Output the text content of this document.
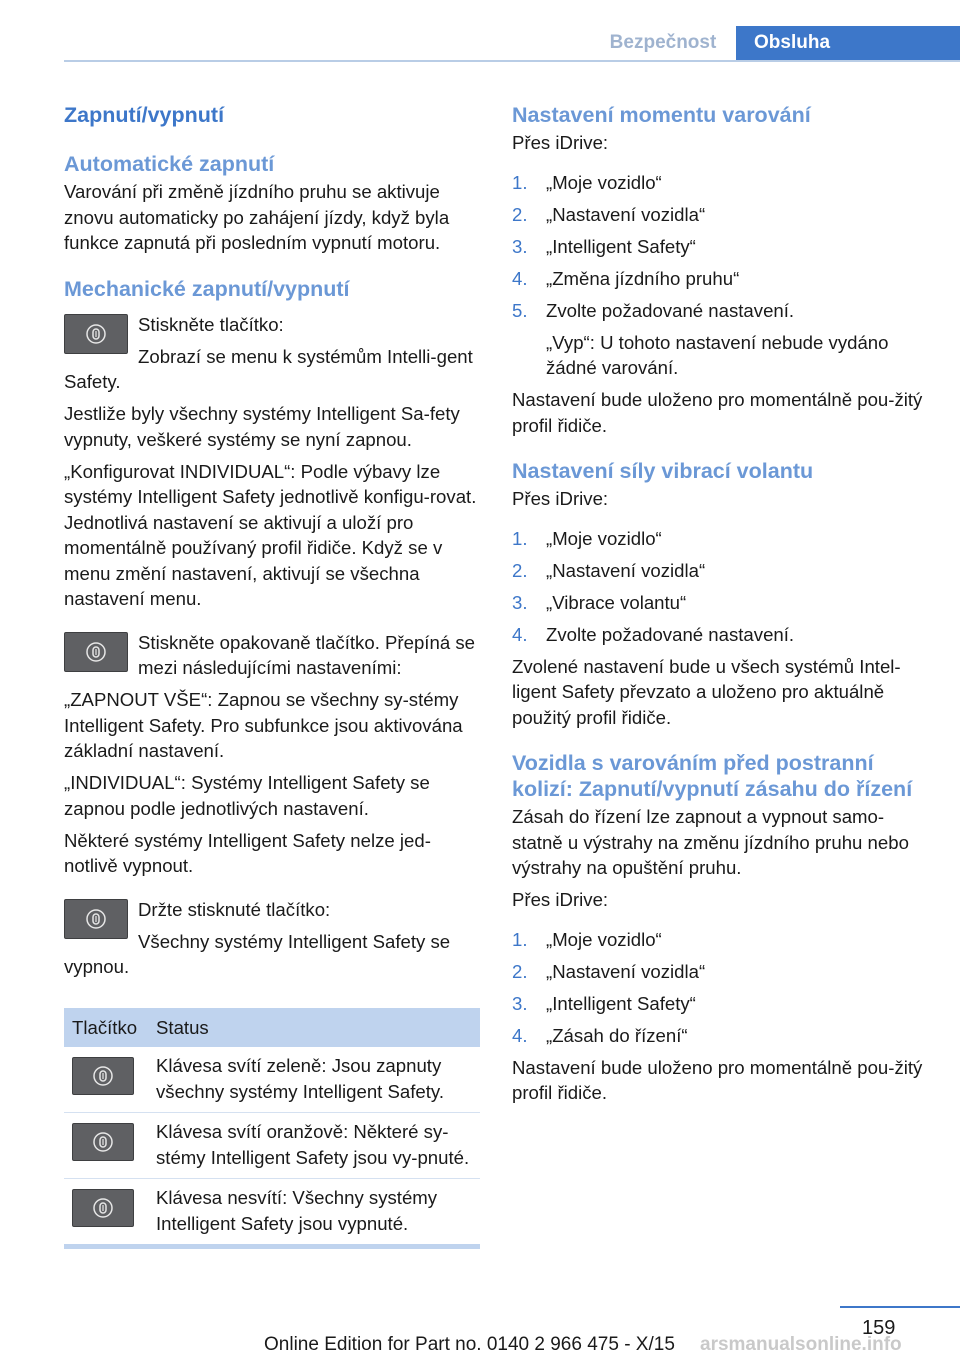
Bezpečnost	Obsluha
Zapnutí/vypnutí
Automatické zapnutí

Varování při změně jízdního pruhu se aktivuje znovu automaticky po zahájení jízdy, když byla funkce zapnutá při posledním vypnutí motoru.

Mechanické zapnutí/vypnutí

Stiskněte tlačítko:

Zobrazí se menu k systémům Intelli‐gent Safety.

Jestliže byly všechny systémy Intelligent Sa‐fety vypnuty, veškeré systémy se nyní zapnou.

„Konfigurovat INDIVIDUAL“: Podle výbavy lze systémy Intelligent Safety jednotlivě konfigu‐rovat. Jednotlivá nastavení se aktivují a uloží pro momentálně používaný profil řidiče. Když se v menu změní nastavení, aktivují se všechna nastavení menu.

Stiskněte opakovaně tlačítko. Přepíná se mezi následujícími nastaveními:

„ZAPNOUT VŠE“: Zapnou se všechny sy‐stémy Intelligent Safety. Pro subfunkce jsou aktivována základní nastavení.

„INDIVIDUAL“: Systémy Intelligent Safety se zapnou podle jednotlivých nastavení.

Některé systémy Intelligent Safety nelze jed‐notlivě vypnout.

Držte stisknuté tlačítko:

Všechny systémy Intelligent Safety se vypnou.

Tlačítko	Status

	Klávesa svítí zeleně: Jsou zapnuty všechny systémy Intelligent Safety.

	Klávesa svítí oranžově: Některé sy‐stémy Intelligent Safety jsou vy‐pnuté.

	Klávesa nesvítí: Všechny systémy Intelligent Safety jsou vypnuté.
Nastavení momentu varování

Přes iDrive:

1. „Moje vozidlo“
2. „Nastavení vozidla“
3. „Intelligent Safety“
4. „Změna jízdního pruhu“
5. Zvolte požadované nastavení.

„Vyp“: U tohoto nastavení nebude vydáno žádné varování.

Nastavení bude uloženo pro momentálně pou‐žitý profil řidiče.

Nastavení síly vibrací volantu

Přes iDrive:

1. „Moje vozidlo“
2. „Nastavení vozidla“
3. „Vibrace volantu“
4. Zvolte požadované nastavení.

Zvolené nastavení bude u všech systémů Intel‐ligent Safety převzato a uloženo pro aktuálně použitý profil řidiče.

Vozidla s varováním před postranní kolizí: Zapnutí/vypnutí zásahu do řízení

Zásah do řízení lze zapnout a vypnout samo‐statně u výstrahy na změnu jízdního pruhu nebo výstrahy na opuštění pruhu.

Přes iDrive:

1. „Moje vozidlo“
2. „Nastavení vozidla“
3. „Intelligent Safety“
4. „Zásah do řízení“

Nastavení bude uloženo pro momentálně pou‐žitý profil řidiče.

159
Online Edition for Part no. 0140 2 966 475 - X/15 arsmanualsonline.info
